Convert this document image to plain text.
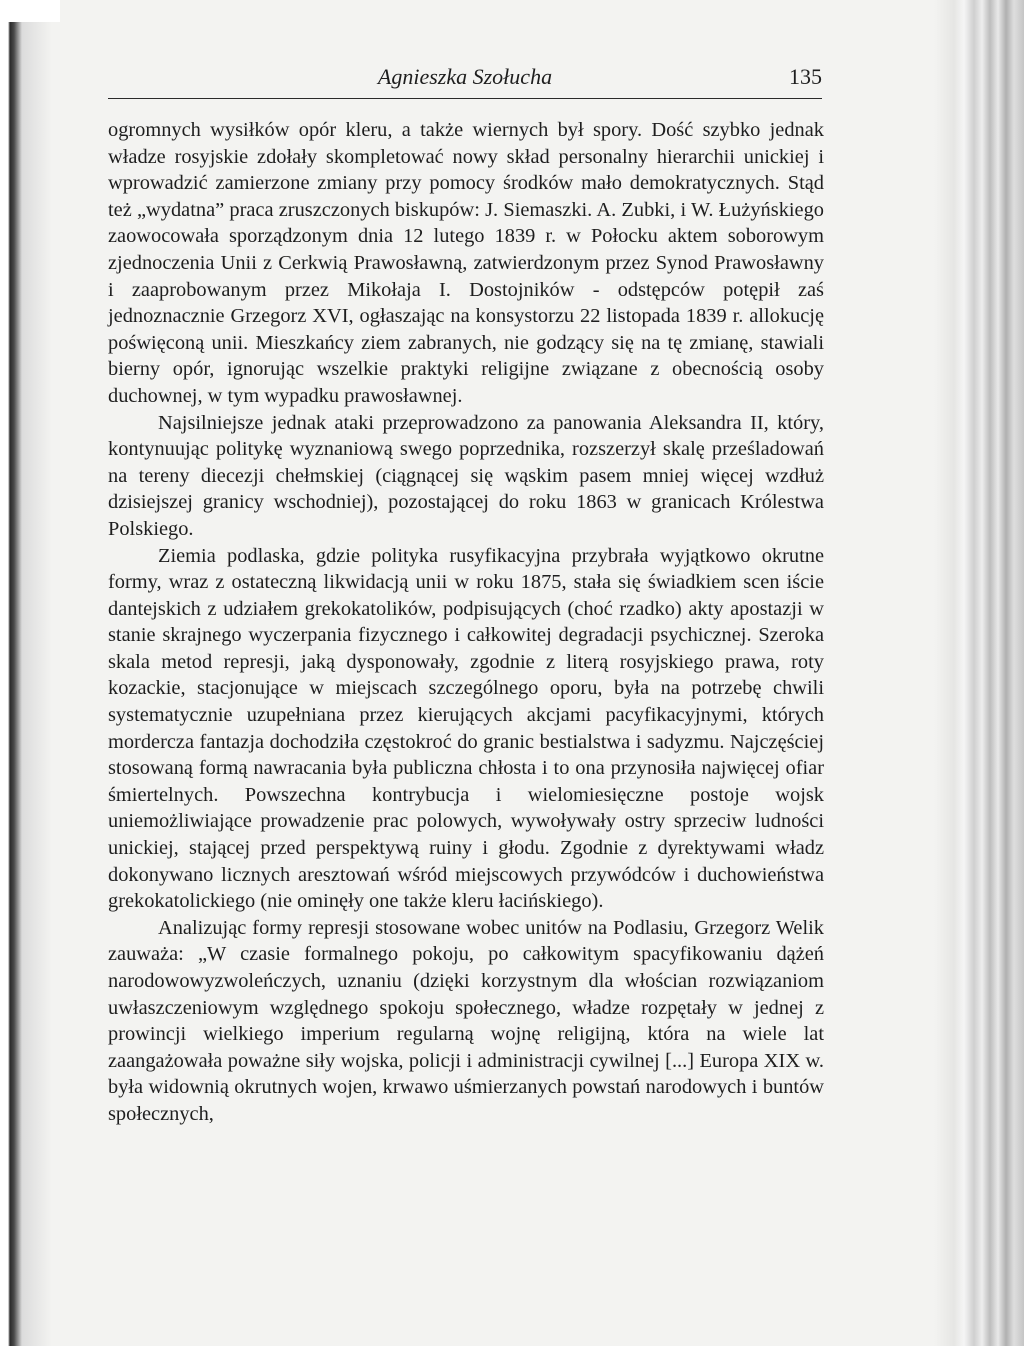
Agnieszka Szołucha	135

ogromnych wysiłków opór kleru, a także wiernych był spory. Dość szybko jednak władze rosyjskie zdołały skompletować nowy skład personalny hierarchii unickiej i wprowadzić zamierzone zmiany przy pomocy środków mało demokratycznych. Stąd też „wydatna” praca zruszczonych biskupów: J. Siemaszki. A. Zubki, i W. Łużyńskiego zaowocowała sporządzonym dnia 12 lutego 1839 r. w Połocku aktem soborowym zjednoczenia Unii z Cerkwią Prawosławną, zatwierdzonym przez Synod Prawosławny i zaaprobowanym przez Mikołaja I. Dostojników - odstępców potępił zaś jednoznacznie Grzegorz XVI, ogłaszając na konsystorzu 22 listopada 1839 r. allokucję poświęconą unii. Mieszkańcy ziem zabranych, nie godzący się na tę zmianę, stawiali bierny opór, ignorując wszelkie praktyki religijne związane z obecnością osoby duchownej, w tym wypadku prawosławnej.

Najsilniejsze jednak ataki przeprowadzono za panowania Aleksandra II, który, kontynuując politykę wyznaniową swego poprzednika, rozszerzył skalę prześladowań na tereny diecezji chełmskiej (ciągnącej się wąskim pasem mniej więcej wzdłuż dzisiejszej granicy wschodniej), pozostającej do roku 1863 w granicach Królestwa Polskiego.

Ziemia podlaska, gdzie polityka rusyfikacyjna przybrała wyjątkowo okrutne formy, wraz z ostateczną likwidacją unii w roku 1875, stała się świadkiem scen iście dantejskich z udziałem grekokatolików, podpisujących (choć rzadko) akty apostazji w stanie skrajnego wyczerpania fizycznego i całkowitej degradacji psychicznej. Szeroka skala metod represji, jaką dysponowały, zgodnie z literą rosyjskiego prawa, roty kozackie, stacjonujące w miejscach szczególnego oporu, była na potrzebę chwili systematycznie uzupełniana przez kierujących akcjami pacyfikacyjnymi, których mordercza fantazja dochodziła częstokroć do granic bestialstwa i sadyzmu. Najczęściej stosowaną formą nawracania była publiczna chłosta i to ona przynosiła najwięcej ofiar śmiertelnych. Powszechna kontrybucja i wielomiesięczne postoje wojsk uniemożliwiające prowadzenie prac polowych, wywoływały ostry sprzeciw ludności unickiej, stającej przed perspektywą ruiny i głodu. Zgodnie z dyrektywami władz dokonywano licznych aresztowań wśród miejscowych przywódców i duchowieństwa grekokatolickiego (nie ominęły one także kleru łacińskiego).

Analizując formy represji stosowane wobec unitów na Podlasiu, Grzegorz Welik zauważa: „W czasie formalnego pokoju, po całkowitym spacyfikowaniu dążeń narodowowyzwoleńczych, uznaniu (dzięki korzystnym dla włościan rozwiązaniom uwłaszczeniowym względnego spokoju społecznego, władze rozpętały w jednej z prowincji wielkiego imperium regularną wojnę religijną, która na wiele lat zaangażowała poważne siły wojska, policji i administracji cywilnej [...] Europa XIX w. była widownią okrutnych wojen, krwawo uśmierzanych powstań narodowych i buntów społecznych,
